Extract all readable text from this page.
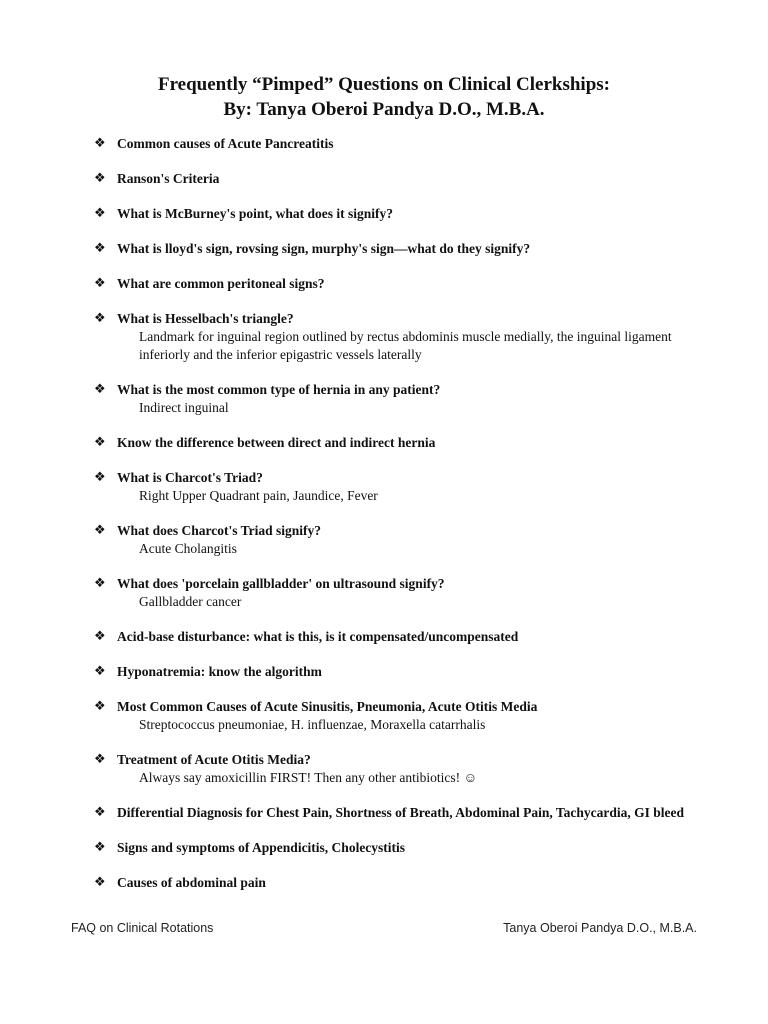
Frequently “Pimped” Questions on Clinical Clerkships:
By: Tanya Oberoi Pandya D.O., M.B.A.
❖ Common causes of Acute Pancreatitis
❖ Ranson's Criteria
❖ What is McBurney's point, what does it signify?
❖ What is lloyd's sign, rovsing sign, murphy's sign—what do they signify?
❖ What are common peritoneal signs?
❖ What is Hesselbach's triangle?
Landmark for inguinal region outlined by rectus abdominis muscle medially, the inguinal ligament inferiorly and the inferior epigastric vessels laterally
❖ What is the most common type of hernia in any patient?
Indirect inguinal
❖ Know the difference between direct and indirect hernia
❖ What is Charcot's Triad?
Right Upper Quadrant pain, Jaundice, Fever
❖ What does Charcot's Triad signify?
Acute Cholangitis
❖ What does 'porcelain gallbladder' on ultrasound signify?
Gallbladder cancer
❖ Acid-base disturbance: what is this, is it compensated/uncompensated
❖ Hyponatremia: know the algorithm
❖ Most Common Causes of Acute Sinusitis, Pneumonia, Acute Otitis Media
Streptococcus pneumoniae, H. influenzae, Moraxella catarrhalis
❖ Treatment of Acute Otitis Media?
Always say amoxicillin FIRST! Then any other antibiotics! ☺
❖ Differential Diagnosis for Chest Pain, Shortness of Breath, Abdominal Pain, Tachycardia, GI bleed
❖ Signs and symptoms of Appendicitis, Cholecystitis
❖ Causes of abdominal pain
FAQ on Clinical Rotations	Tanya Oberoi Pandya D.O., M.B.A.
